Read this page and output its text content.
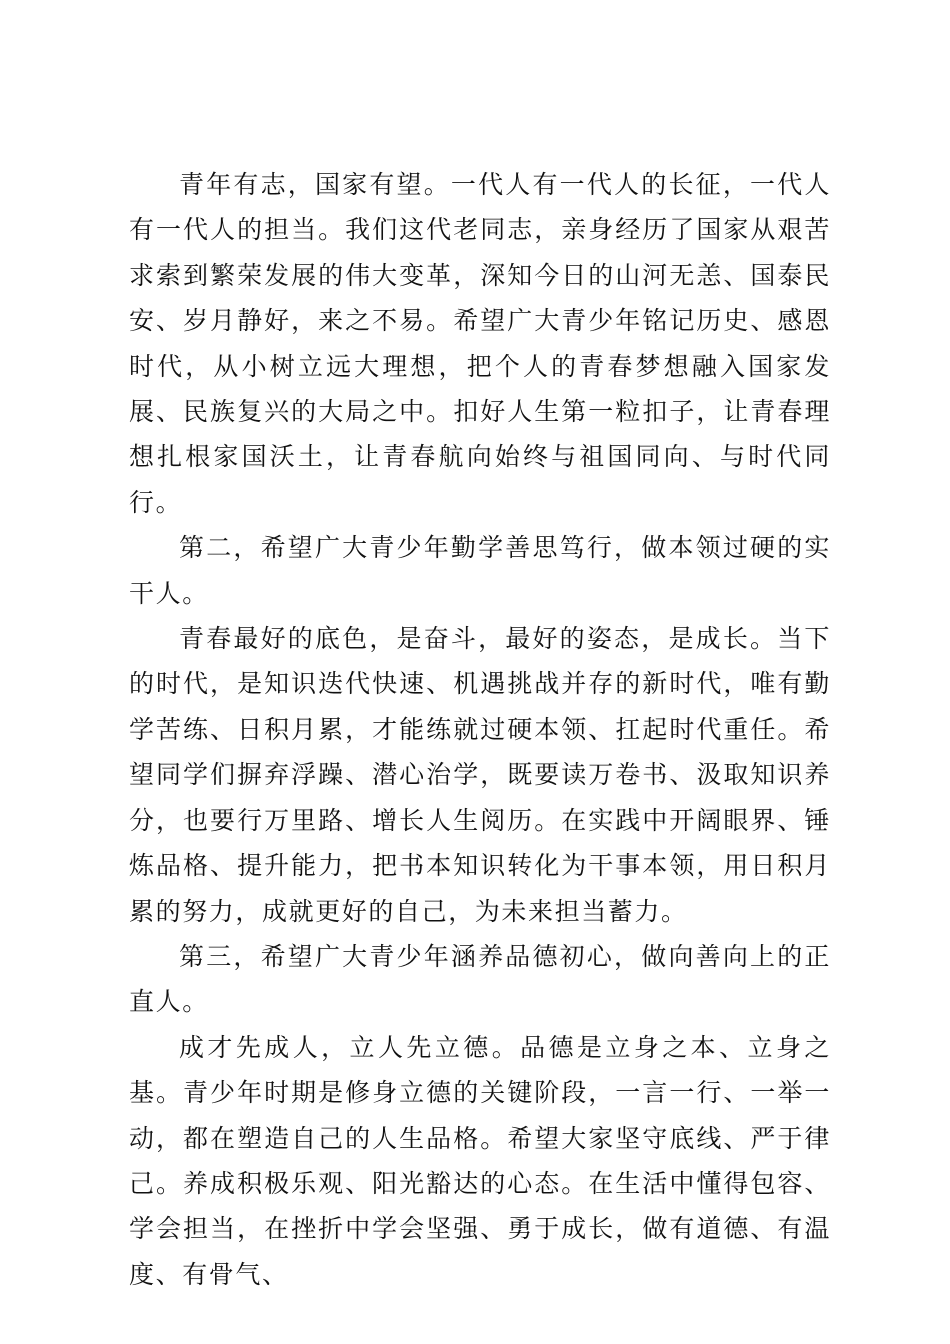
青年有志，国家有望。一代人有一代人的长征，一代人有一代人的担当。我们这代老同志，亲身经历了国家从艰苦求索到繁荣发展的伟大变革，深知今日的山河无恙、国泰民安、岁月静好，来之不易。希望广大青少年铭记历史、感恩时代，从小树立远大理想，把个人的青春梦想融入国家发展、民族复兴的大局之中。扣好人生第一粒扣子，让青春理想扎根家国沃土，让青春航向始终与祖国同向、与时代同行。

第二，希望广大青少年勤学善思笃行，做本领过硬的实干人。

青春最好的底色，是奋斗，最好的姿态，是成长。当下的时代，是知识迭代快速、机遇挑战并存的新时代，唯有勤学苦练、日积月累，才能练就过硬本领、扛起时代重任。希望同学们摒弃浮躁、潜心治学，既要读万卷书、汲取知识养分，也要行万里路、增长人生阅历。在实践中开阔眼界、锤炼品格、提升能力，把书本知识转化为干事本领，用日积月累的努力，成就更好的自己，为未来担当蓄力。

第三，希望广大青少年涵养品德初心，做向善向上的正直人。

成才先成人，立人先立德。品德是立身之本、立身之基。青少年时期是修身立德的关键阶段，一言一行、一举一动，都在塑造自己的人生品格。希望大家坚守底线、严于律己。养成积极乐观、阳光豁达的心态。在生活中懂得包容、学会担当，在挫折中学会坚强、勇于成长，做有道德、有温度、有骨气、
